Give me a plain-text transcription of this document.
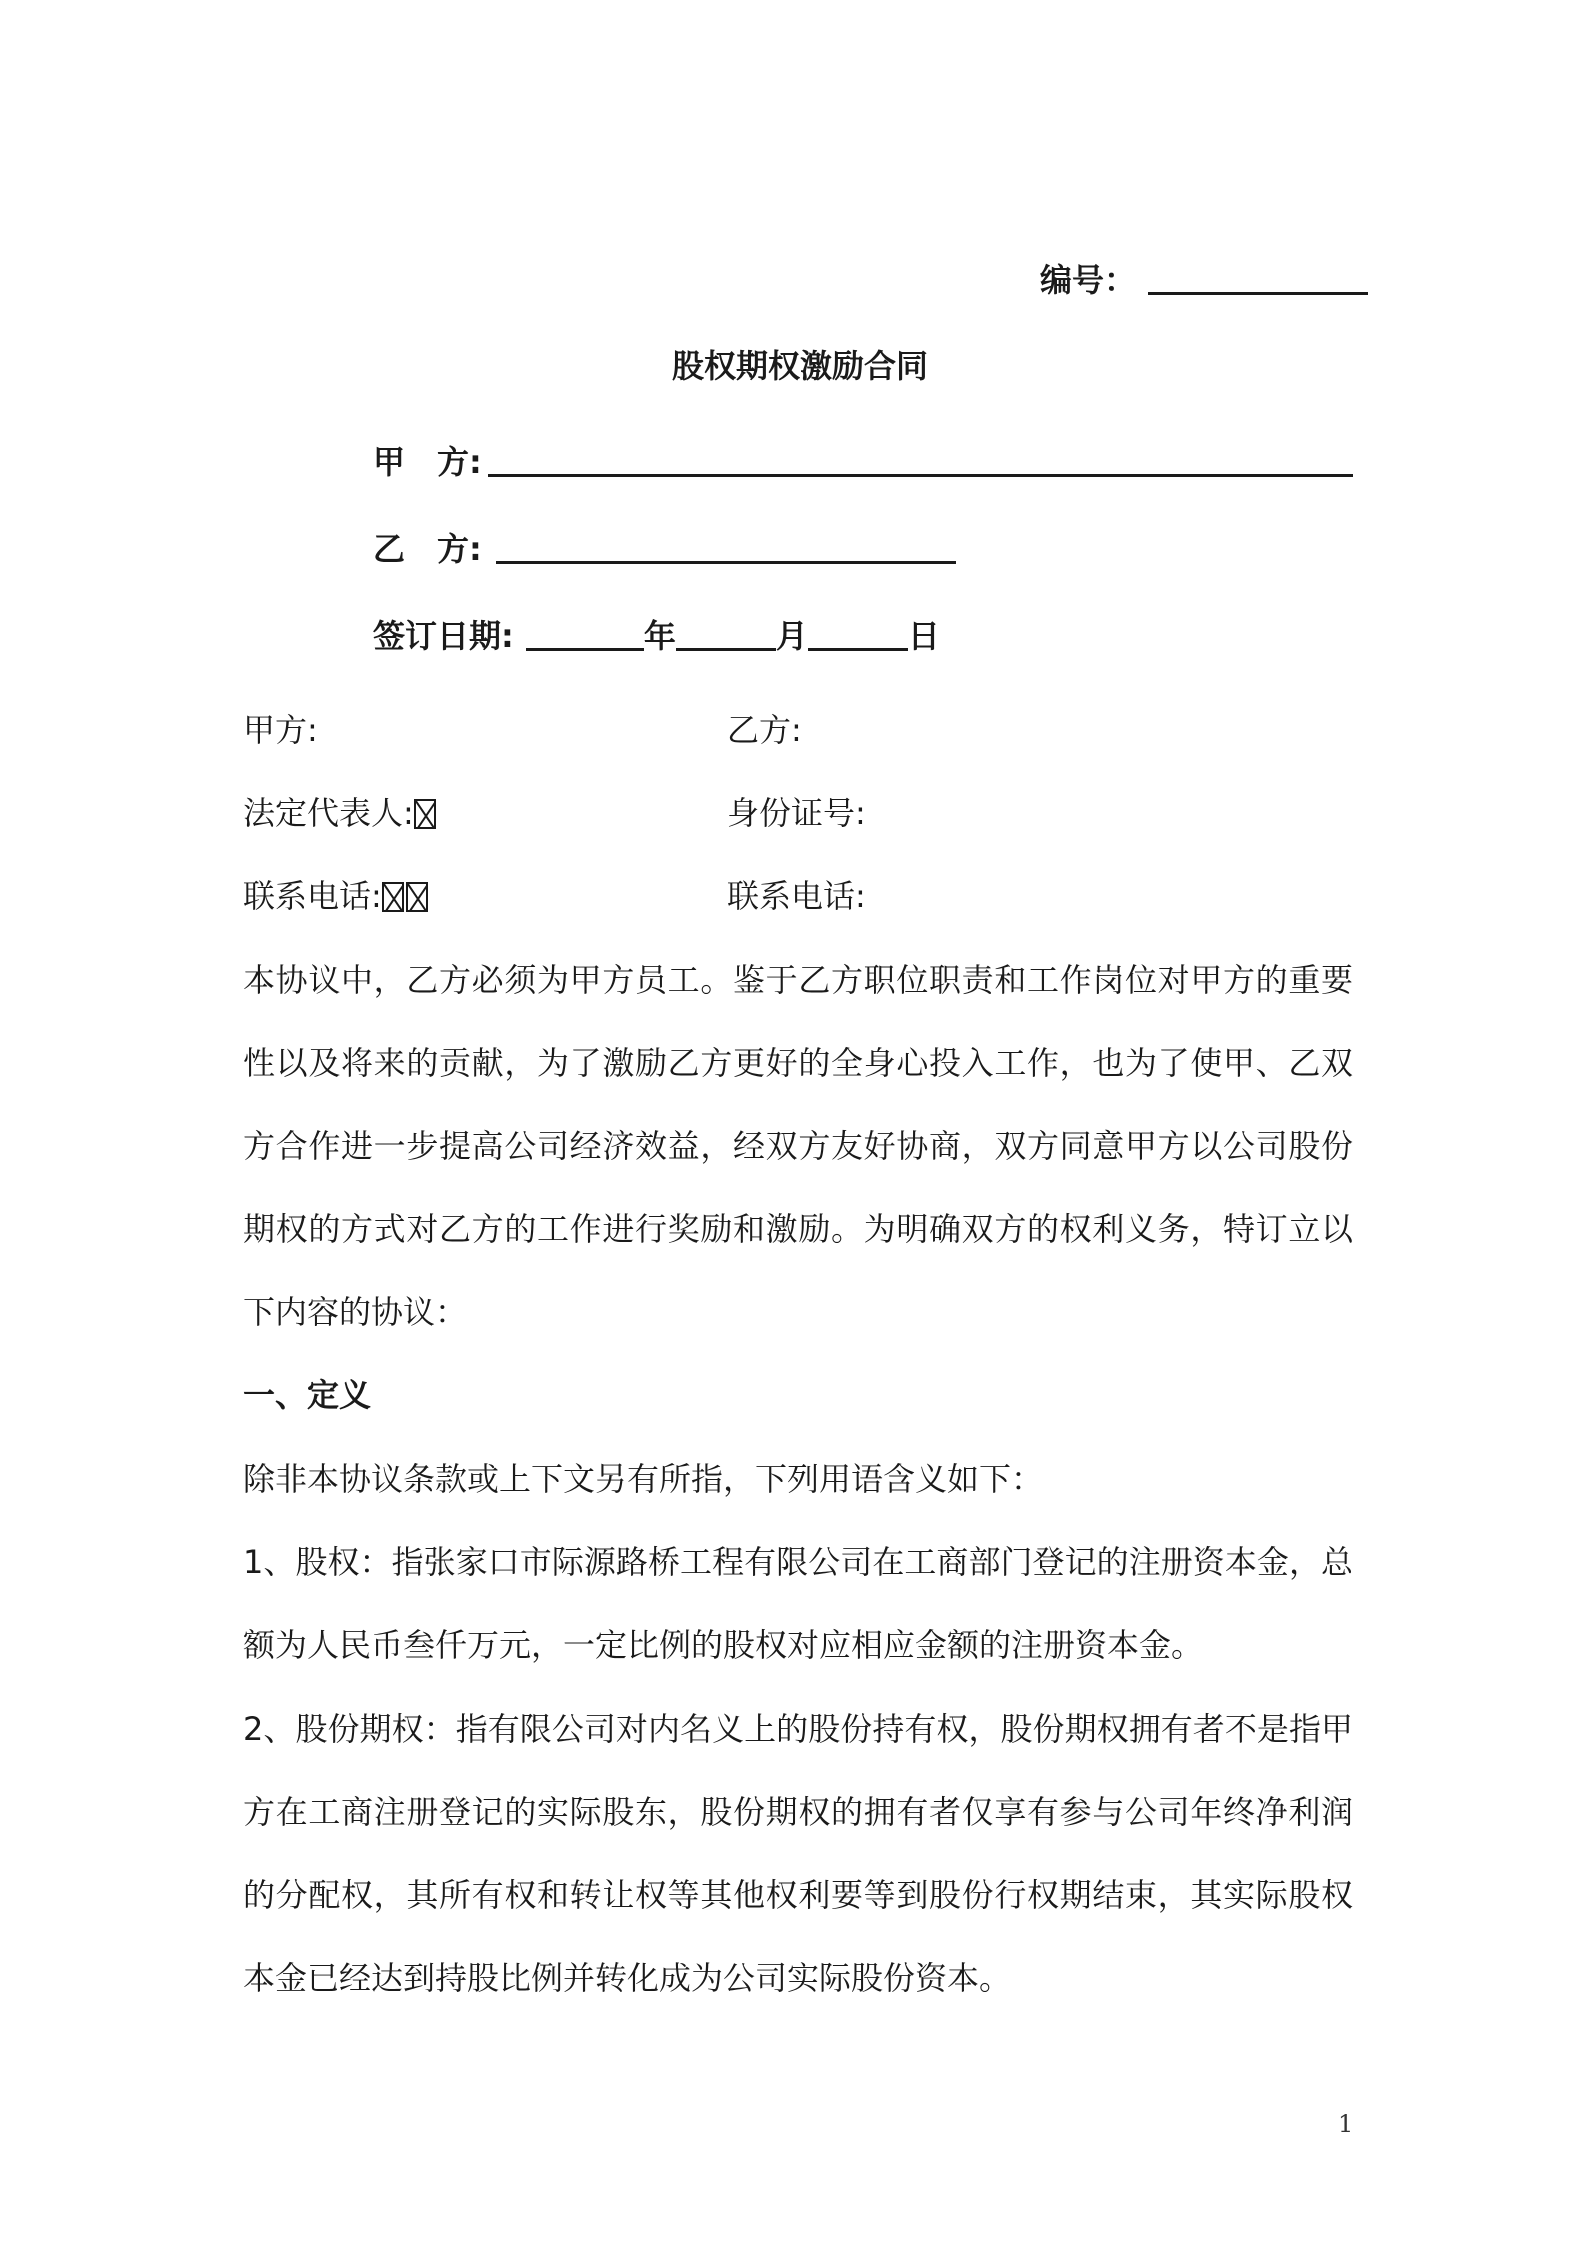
编号：
股权期权激励合同
甲　方:
乙　方:
签订日期:	年	月	日
甲方:	乙方:
法定代表人:	身份证号:
联系电话:	联系电话:
本协议中，乙方必须为甲方员工。鉴于乙方职位职责和工作岗位对甲方的重要性以及将来的贡献，为了激励乙方更好的全身心投入工作，也为了使甲、乙双方合作进一步提高公司经济效益，经双方友好协商，双方同意甲方以公司股份期权的方式对乙方的工作进行奖励和激励。为明确双方的权利义务，特订立以下内容的协议：
一、定义
除非本协议条款或上下文另有所指，下列用语含义如下：
1、股权：指张家口市际源路桥工程有限公司在工商部门登记的注册资本金，总额为人民币叁仟万元，一定比例的股权对应相应金额的注册资本金。
2、股份期权：指有限公司对内名义上的股份持有权，股份期权拥有者不是指甲方在工商注册登记的实际股东，股份期权的拥有者仅享有参与公司年终净利润的分配权，其所有权和转让权等其他权利要等到股份行权期结束，其实际股权本金已经达到持股比例并转化成为公司实际股份资本。
1
